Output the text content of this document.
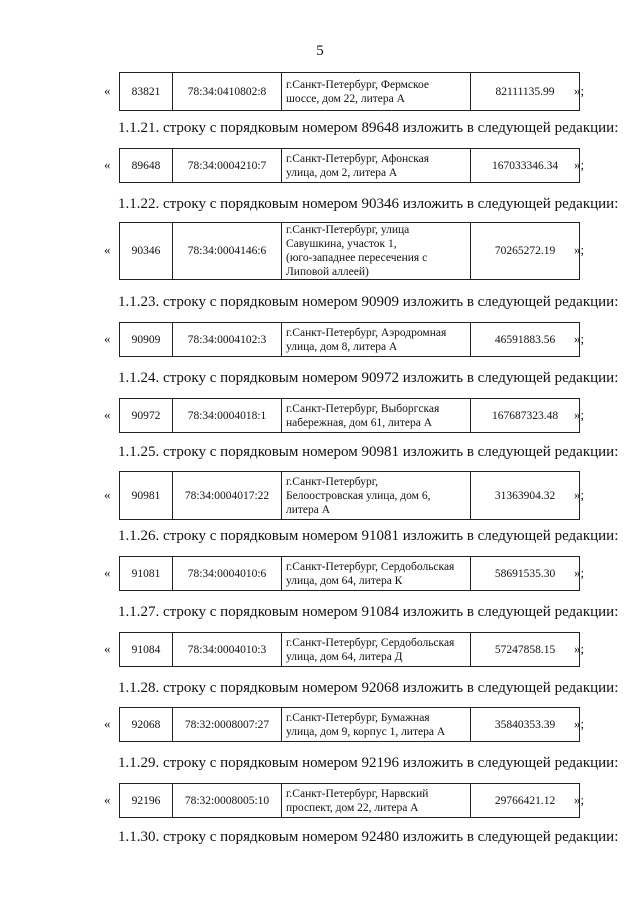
5
« 83821	78:34:0410802:8	
г.Санкт-Петербург, Фермское
шоссе, дом 22, литера А
	82111135.99 »;
« 89648	78:34:0004210:7	
г.Санкт-Петербург, Афонская
улица, дом 2, литера А
	167033346.34 »;
« 90346	78:34:0004146:6	
г.Санкт-Петербург, улица
Савушкина, участок 1,
(юго-западнее пересечения с
Липовой аллеей)
	70265272.19 »;
« 90909	78:34:0004102:3	
г.Санкт-Петербург, Аэродромная
улица, дом 8, литера А
	46591883.56 »;
« 90972	78:34:0004018:1	
г.Санкт-Петербург, Выборгская
набережная, дом 61, литера А
	167687323.48 »;
« 90981	78:34:0004017:22	
г.Санкт-Петербург,
Белоостровская улица, дом 6,
литера А
	31363904.32 »;
« 91081	78:34:0004010:6	
г.Санкт-Петербург, Сердобольская
улица, дом 64, литера К
	58691535.30 »;
« 91084	78:34:0004010:3	
г.Санкт-Петербург, Сердобольская
улица, дом 64, литера Д
	57247858.15 »;
« 92068	78:32:0008007:27	
г.Санкт-Петербург, Бумажная
улица, дом 9, корпус 1, литера А
	35840353.39 »;
« 92196	78:32:0008005:10	
г.Санкт-Петербург, Нарвский
проспект, дом 22, литера А
	29766421.12 »;
1.1.21. строку с порядковым номером 89648 изложить в следующей редакции:
1.1.22. строку с порядковым номером 90346 изложить в следующей редакции:
1.1.23. строку с порядковым номером 90909 изложить в следующей редакции:
1.1.24. строку с порядковым номером 90972 изложить в следующей редакции:
1.1.25. строку с порядковым номером 90981 изложить в следующей редакции:
1.1.26. строку с порядковым номером 91081 изложить в следующей редакции:
1.1.27. строку с порядковым номером 91084 изложить в следующей редакции:
1.1.28. строку с порядковым номером 92068 изложить в следующей редакции:
1.1.29. строку с порядковым номером 92196 изложить в следующей редакции:
1.1.30. строку с порядковым номером 92480 изложить в следующей редакции:
